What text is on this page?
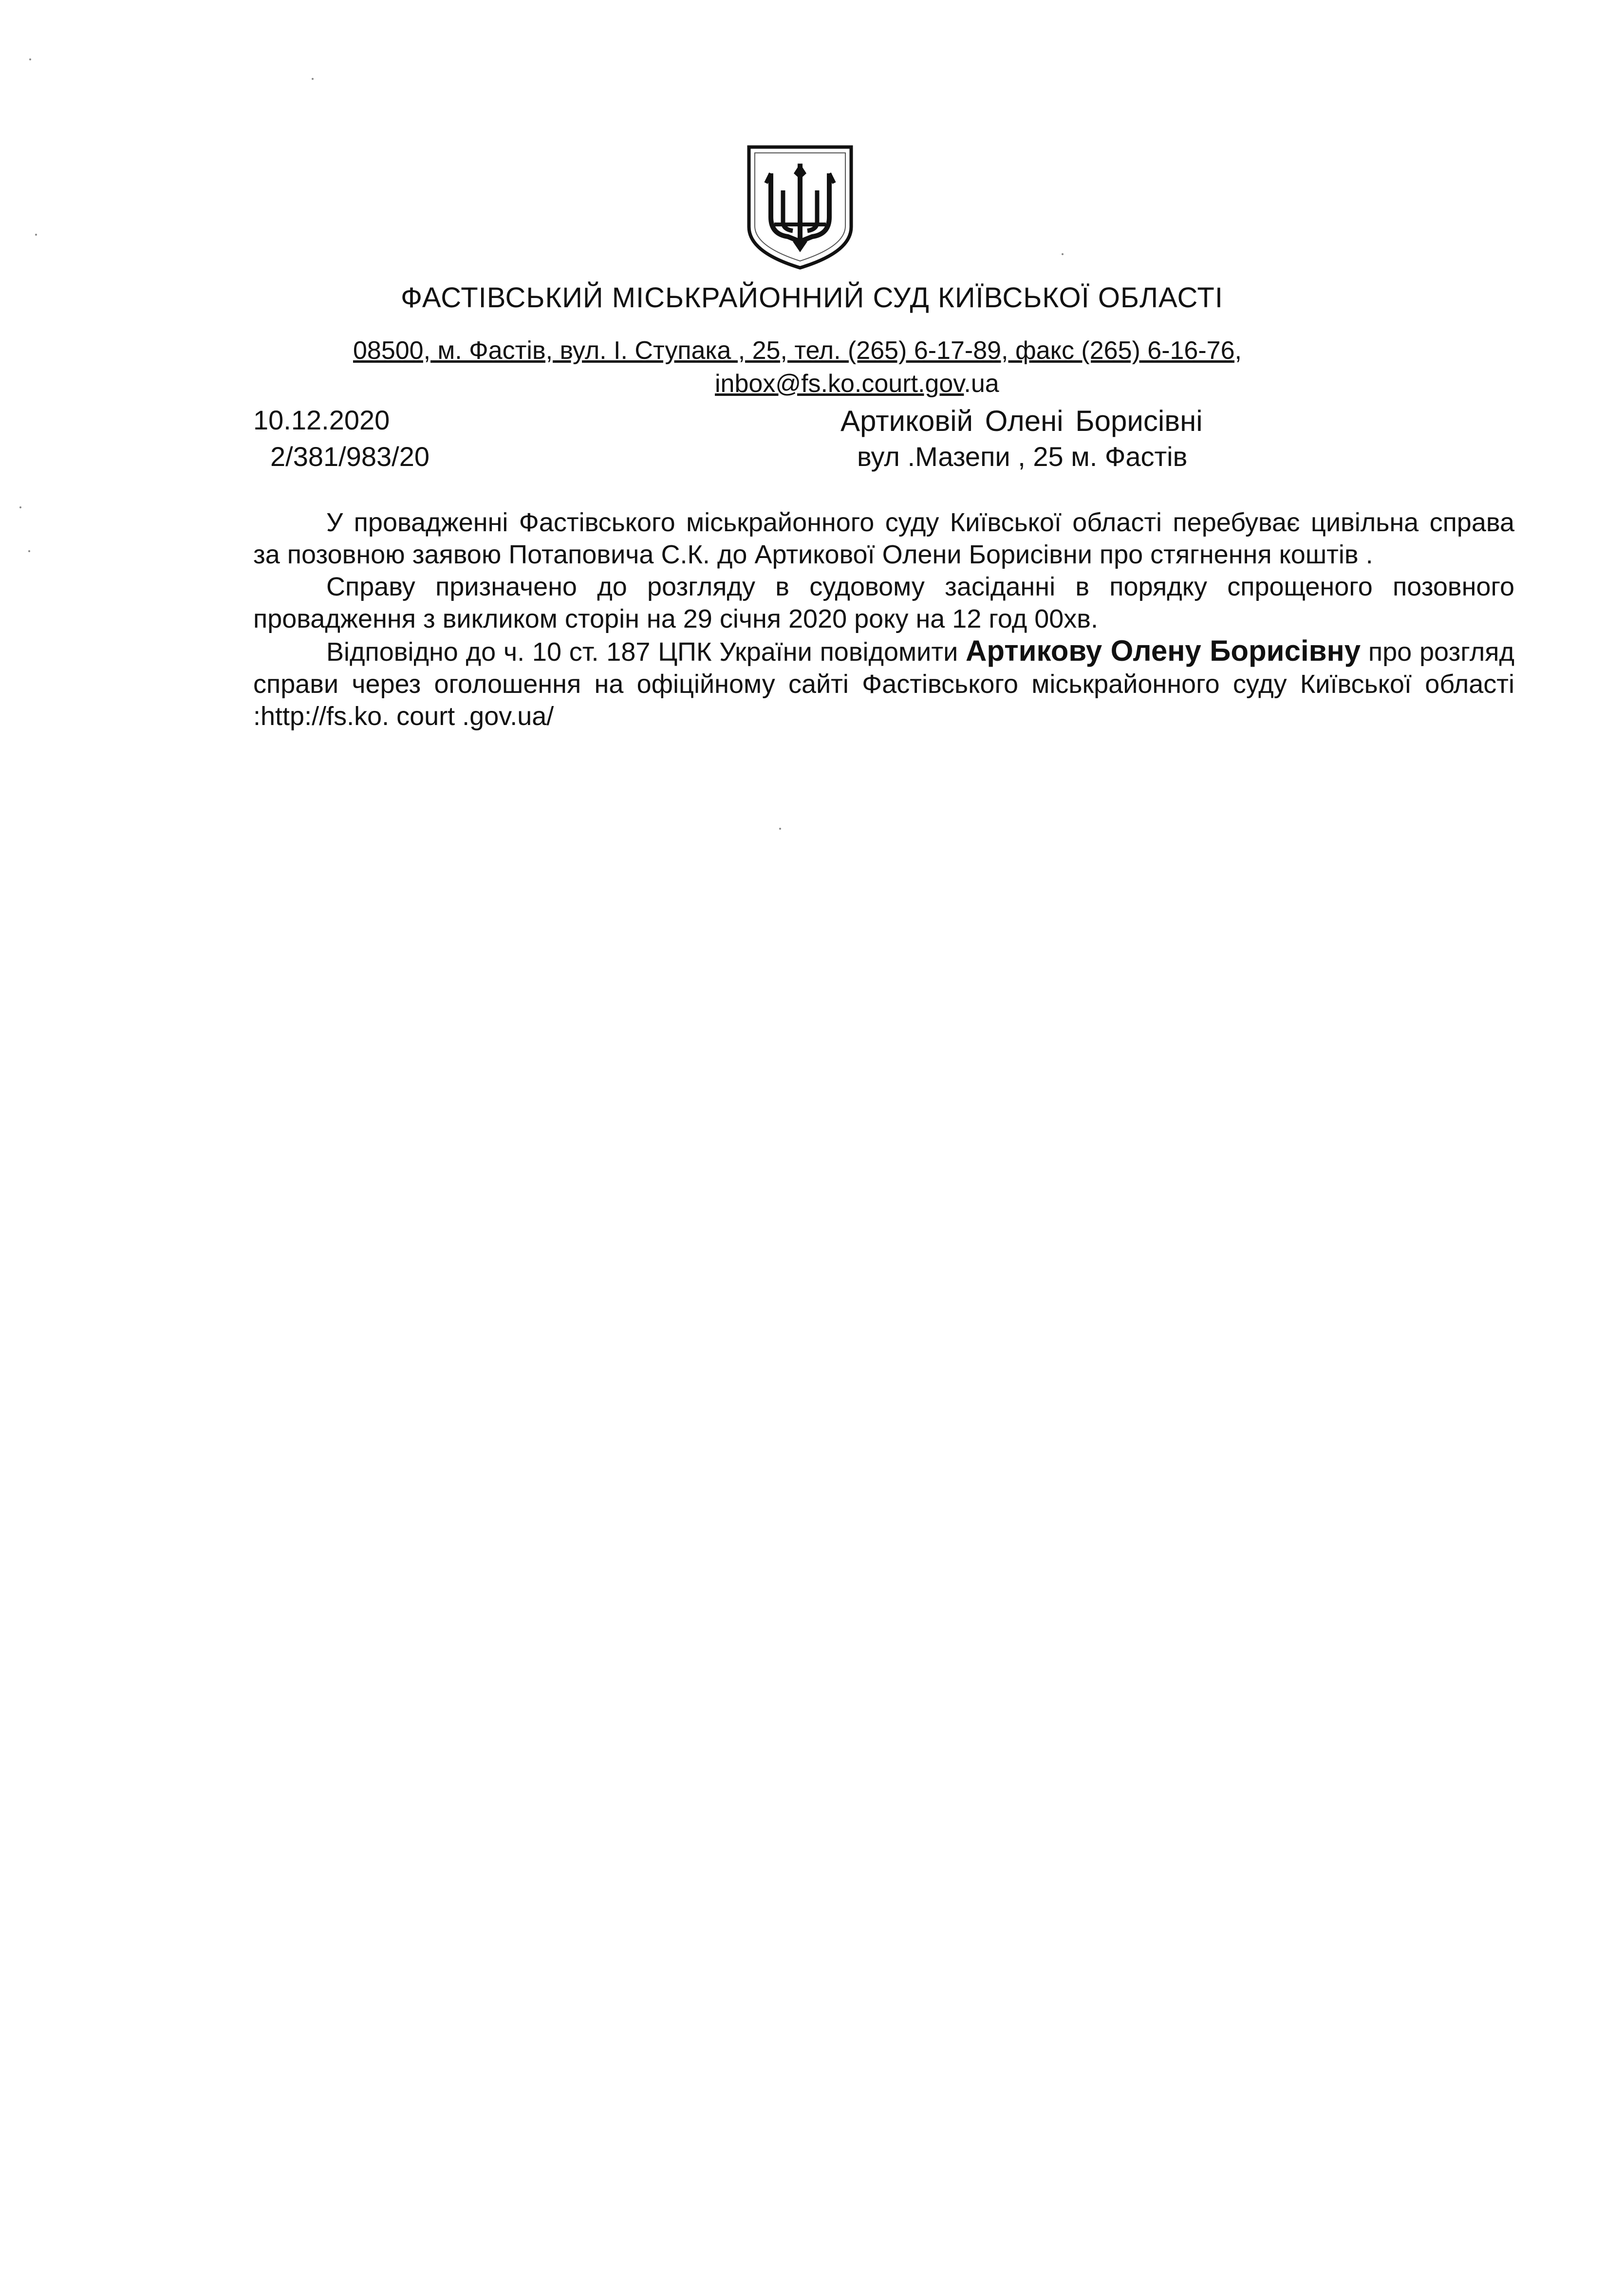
ФАСТІВСЬКИЙ МІСЬКРАЙОННИЙ СУД КИЇВСЬКОЇ ОБЛАСТІ
08500, м. Фастів, вул. І. Ступака , 25, тел. (265) 6-17-89, факс (265) 6-16-76,
inbox@fs.ko.court.gov.ua
10.12.2020
2/381/983/20
Артиковій Олені Борисівні
вул .Мазепи , 25 м. Фастів

У провадженні Фастівського міськрайонного суду Київської області перебуває цивільна справа за позовною заявою Потаповича С.К. до Артикової Олени Борисівни про стягнення коштів .

Справу призначено до розгляду в судовому засіданні в порядку спрощеного позовного провадження з викликом сторін на 29 січня 2020 року на 12 год 00хв.

Відповідно до ч. 10 ст. 187 ЦПК України повідомити Артикову Олену Борисівну про розгляд справи через оголошення на офіційному сайті Фастівського міськрайонного суду Київської області :http://fs.ko. court .gov.ua/
